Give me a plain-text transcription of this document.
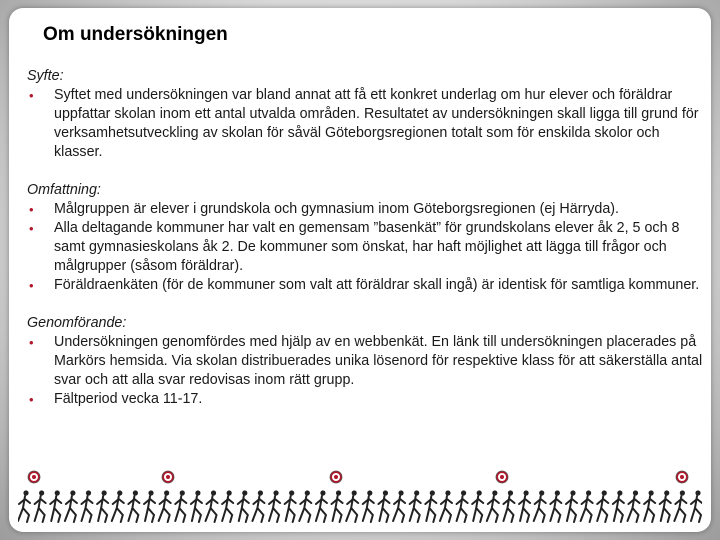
Om undersökningen
Syfte:
• Syftet med undersökningen var bland annat att få ett konkret underlag om hur elever och föräldrar uppfattar skolan inom ett antal utvalda områden. Resultatet av undersökningen skall ligga till grund för verksamhetsutveckling av skolan för såväl Göteborgsregionen totalt som för enskilda skolor och klasser.
Omfattning:
• Målgruppen är elever i grundskola och gymnasium inom Göteborgsregionen (ej Härryda).
• Alla deltagande kommuner har valt en gemensam ”basenkät” för grundskolans elever åk 2, 5 och 8 samt gymnasieskolans åk 2. De kommuner som önskat, har haft möjlighet att lägga till frågor och målgrupper (såsom föräldrar).
• Föräldraenkäten (för de kommuner som valt att föräldrar skall ingå) är identisk för samtliga kommuner.
Genomförande:
• Undersökningen genomfördes med hjälp av en webbenkät. En länk till undersökningen placerades på Markörs hemsida. Via skolan distribuerades unika lösenord för respektive klass för att säkerställa antal svar och att alla svar redovisas inom rätt grupp.
• Fältperiod vecka 11-17.
